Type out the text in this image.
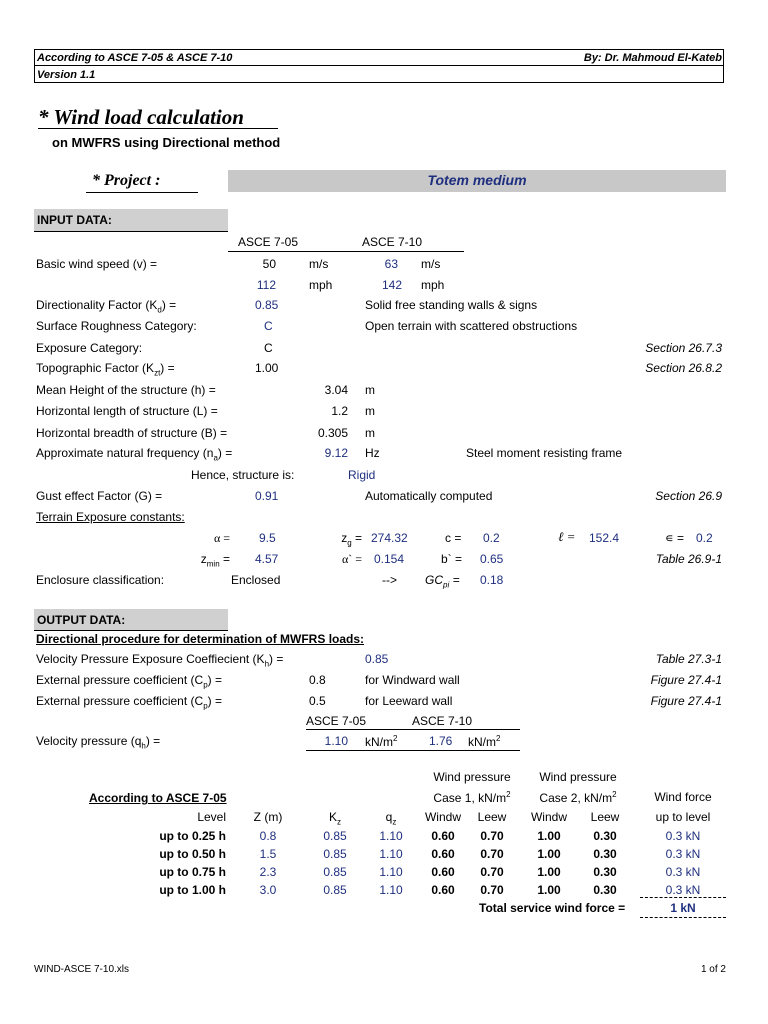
According to ASCE 7-05 & ASCE 7-10	By: Dr. Mahmoud El-Kateb
Version 1.1
* Wind load calculation
on MWFRS using Directional method
* Project :	Totem medium
INPUT DATA:
ASCE 7-05	ASCE 7-10
Basic wind speed (v) =	50	m/s	63 m/s
112	mph	142 mph
Directionality Factor $(K_d)$ =	0.85	Solid free standing walls & signs
Surface Roughness Category:	C	Open terrain with scattered obstructions
Exposure Category:	C	Section 26.7.3
Topographic Factor $(K_{zt})$ =	1.00	Section 26.8.2
Mean Height of the structure (h) =	3.04 m
Horizontal length of structure (L) =	1.2 m
Horizontal breadth of structure (B) =	0.305 m
Approximate natural frequency $(n_a)$ =	9.12 Hz	Steel moment resisting frame
Hence, structure is:	Rigid
Gust effect Factor (G) =	0.91	Automatically computed	Section 26.9
Terrain Exposure constants:
α = 9.5	$z_g = 274.32$	c = 0.2	ℓ = 152.4	∊ = 0.2
$z_{min} = 4.57$	α` = 0.154	b` = 0.65	Table 26.9-1
Enclosure classification:	Enclosed	--> $GC_{pi} = 0.18$
OUTPUT DATA:
Directional procedure for determination of MWFRS loads:
Velocity Pressure Exposure Coeffiecient $(K_h)$ =	0.85	Table 27.3-1
External pressure coefficient $(C_p)$ =	0.8	for Windward wall	Figure 27.4-1
External pressure coefficient $(C_p)$ =	0.5	for Leeward wall	Figure 27.4-1
ASCE 7-05	ASCE 7-10
Velocity pressure $(q_h)$ =	1.10 $kN/m^2$	1.76 $kN/m^2$
Wind pressure
Case 1, $kN/m^2$
Wind pressure
Case 2, $kN/m^2$	Wind force
up to level
According to ASCE 7-05
Level	Z (m)	$K_z$	$q_z$	Windw	Leew	Windw	Leew
up to 0.25 h	0.8	0.85	1.10	0.60	0.70	1.00	0.30	0.3 kN
up to 0.50 h	1.5	0.85	1.10	0.60	0.70	1.00	0.30	0.3 kN
up to 0.75 h	2.3	0.85	1.10	0.60	0.70	1.00	0.30	0.3 kN
up to 1.00 h	3.0	0.85	1.10	0.60	0.70	1.00	0.30	0.3 kN
Total service wind force =	1 kN
WIND-ASCE 7-10.xls	1 of 2
